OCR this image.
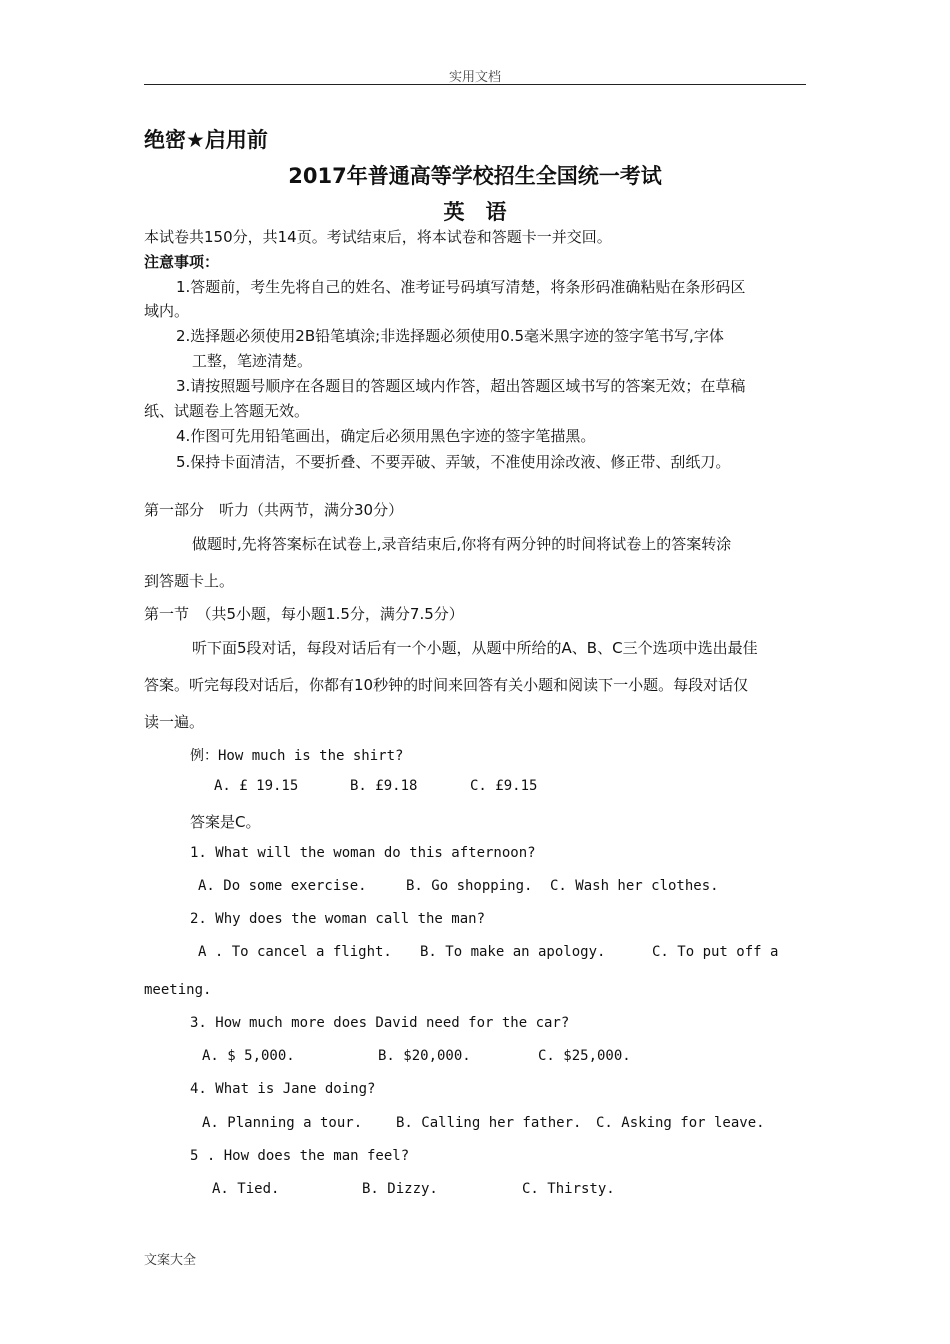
实用文档
绝密★启用前
2017年普通高等学校招生全国统一考试
英　语
本试卷共150分，共14页。考试结束后，将本试卷和答题卡一并交回。
注意事项：
1.答题前，考生先将自己的姓名、准考证号码填写清楚，将条形码准确粘贴在条形码区
域内。
2.选择题必须使用2B铅笔填涂;非选择题必须使用0.5毫米黑字迹的签字笔书写,字体
工整，笔迹清楚。
3.请按照题号顺序在各题目的答题区域内作答，超出答题区域书写的答案无效；在草稿
纸、试题卷上答题无效。
4.作图可先用铅笔画出，确定后必须用黑色字迹的签字笔描黑。
5.保持卡面清洁，不要折叠、不要弄破、弄皱，不准使用涂改液、修正带、刮纸刀。
第一部分　听力（共两节，满分30分）
做题时,先将答案标在试卷上,录音结束后,你将有两分钟的时间将试卷上的答案转涂
到答题卡上。
第一节　（共5小题，每小题1.5分，满分7.5分）
听下面5段对话，每段对话后有一个小题，从题中所给的A、B、C三个选项中选出最佳
答案。听完每段对话后，你都有10秒钟的时间来回答有关小题和阅读下一小题。每段对话仅
读一遍。
例：How much is the shirt?
A. £ 19.15	B. £9.18	C. £9.15
答案是C。
1. What will the woman do this afternoon?
A. Do some exercise.	B. Go shopping. C. Wash her clothes.
2. Why does the woman call the man?
A . To cancel a flight. B. To make an apology.	C. To put off a
meeting.
3. How much more does David need for the car?
A. $ 5,000.	B. $20,000.	C. $25,000.
4. What is Jane doing?
A. Planning a tour. B. Calling her father. C. Asking for leave.
5 . How does the man feel?
A. Tied.	B. Dizzy.	C. Thirsty.
文案大全
